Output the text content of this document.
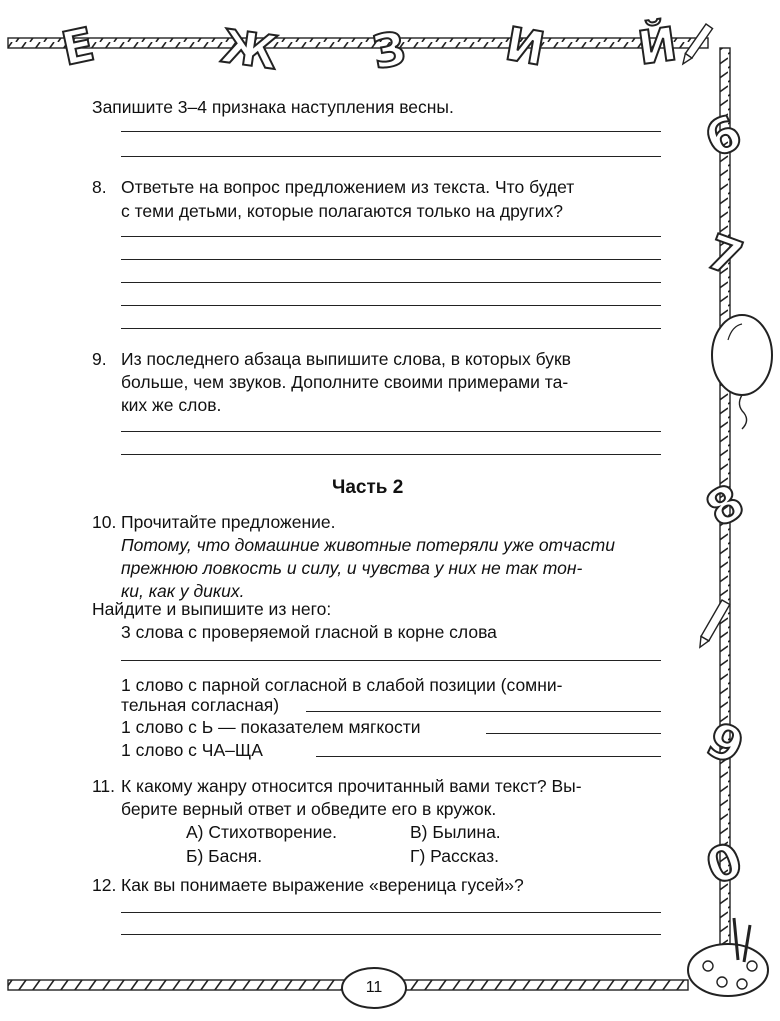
Е	Ж З И Й
6
7
8
9
0
Запишите 3–4 признака наступления весны.
8. Ответьте на вопрос предложением из текста. Что будет
с теми детьми, которые полагаются только на других?
9. Из последнего абзаца выпишите слова, в которых букв
больше, чем звуков. Дополните своими примерами та-
ких же слов.
Часть 2
10. Прочитайте предложение.
Потому, что домашние животные потеряли уже отчасти
прежнюю ловкость и силу, и чувства у них не так тон-
ки, как у диких.
Найдите и выпишите из него:
3 слова с проверяемой гласной в корне слова
1 слово с парной согласной в слабой позиции (сомни-
тельная согласная)
1 слово с Ь — показателем мягкости
1 слово с ЧА–ЩА
11. К какому жанру относится прочитанный вами текст? Вы-
берите верный ответ и обведите его в кружок.
А) Стихотворение.	В) Былина.
Б) Басня.	Г) Рассказ.
12. Как вы понимаете выражение «вереница гусей»?
11
